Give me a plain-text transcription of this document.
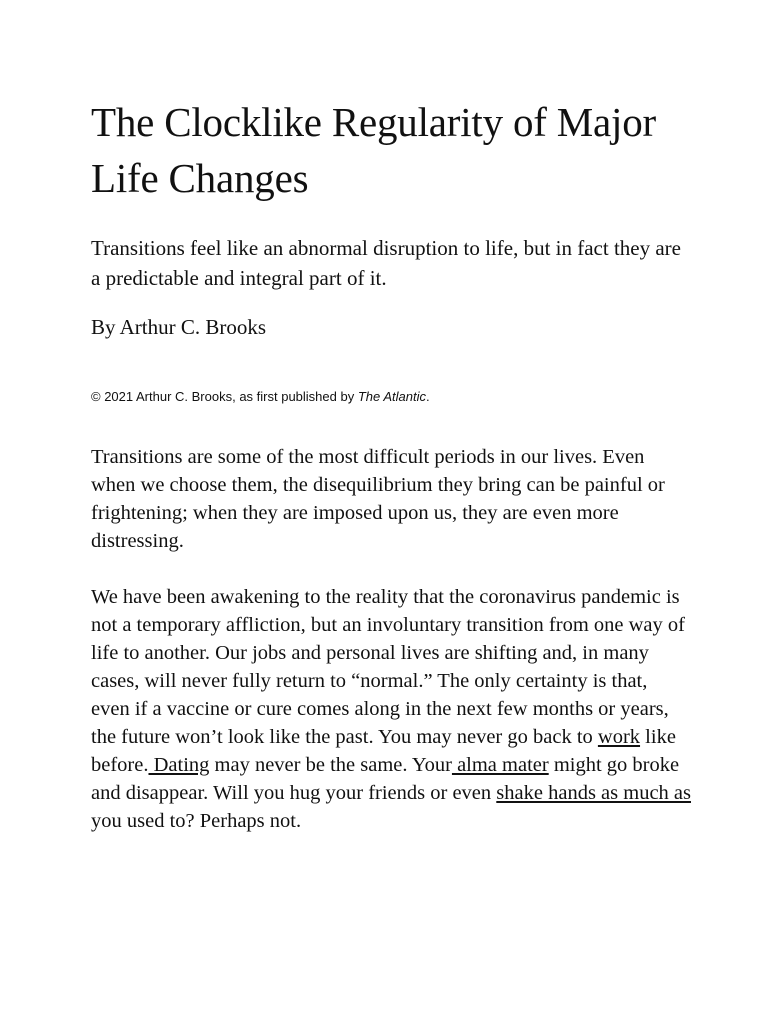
The Clocklike Regularity of Major Life Changes

Transitions feel like an abnormal disruption to life, but in fact they are a predictable and integral part of it.

By Arthur C. Brooks

© 2021 Arthur C. Brooks, as first published by The Atlantic.

Transitions are some of the most difficult periods in our lives. Even when we choose them, the disequilibrium they bring can be painful or frightening; when they are imposed upon us, they are even more distressing.

We have been awakening to the reality that the coronavirus pandemic is not a temporary affliction, but an involuntary transition from one way of life to another. Our jobs and personal lives are shifting and, in many cases, will never fully return to “normal.” The only certainty is that, even if a vaccine or cure comes along in the next few months or years, the future won’t look like the past. You may never go back to work like before. Dating may never be the same. Your alma mater might go broke and disappear. Will you hug your friends or even shake hands as much as you used to? Perhaps not.
